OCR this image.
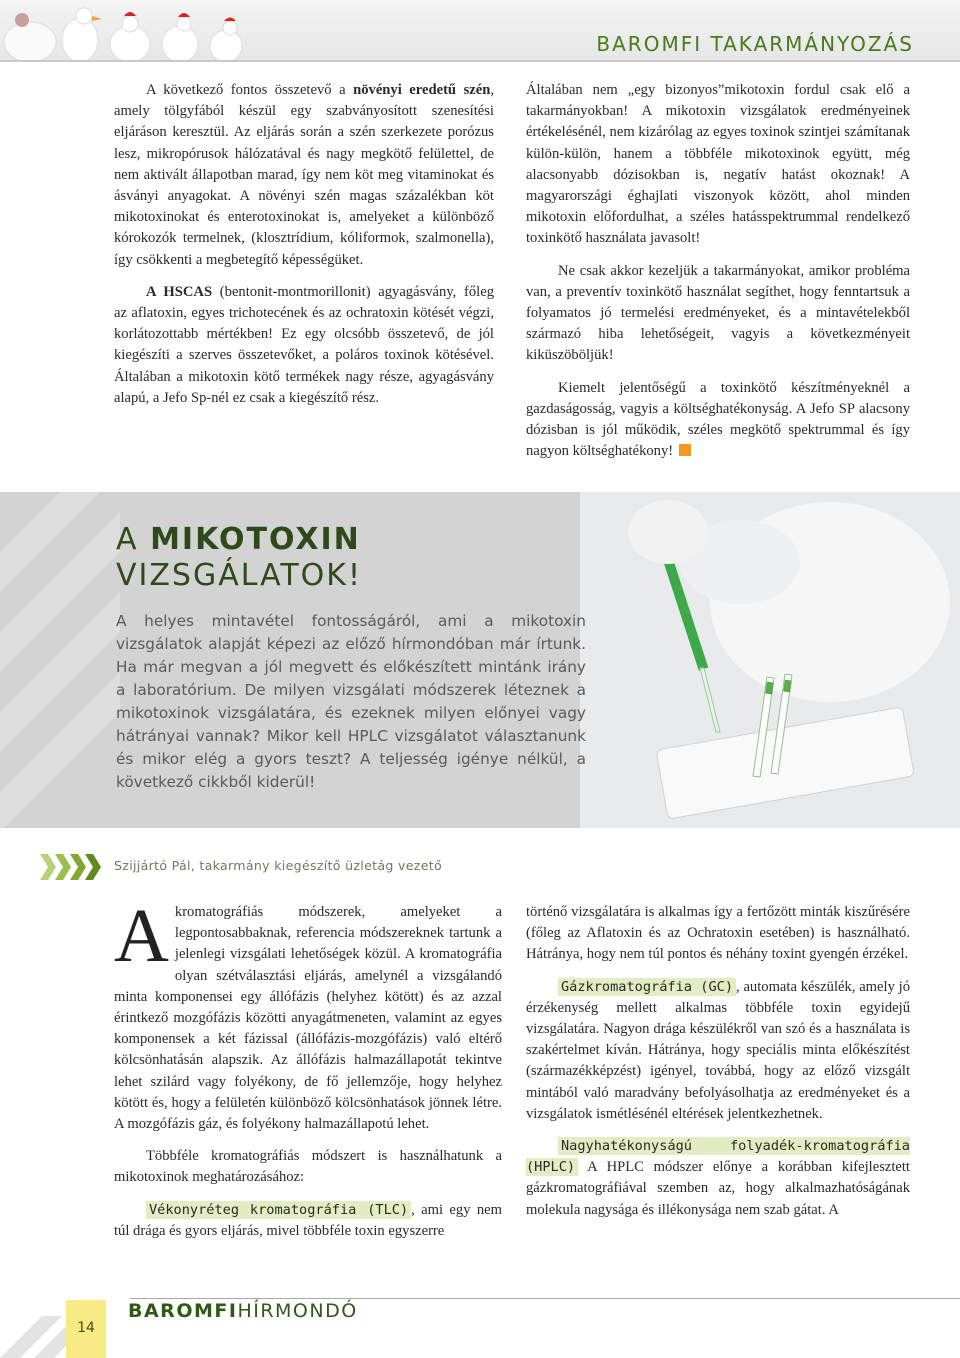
BAROMFI TAKARMÁNYOZÁS

A következő fontos összetevő a növényi eredetű szén, amely tölgyfából készül egy szabványosított szenesítési eljáráson keresztül. Az eljárás során a szén szerkezete porózus lesz, mikropórusok hálózatával és nagy megkötő felülettel, de nem aktivált állapotban marad, így nem köt meg vitaminokat és ásványi anyagokat. A növényi szén magas százalékban köt mikotoxinokat és enterotoxinokat is, amelyeket a különböző kórokozók termelnek, (klosztrídium, kóliformok, szalmonella), így csökkenti a megbetegítő képességüket.

A HSCAS (bentonit-montmorillonit) agyagásvány, főleg az aflatoxin, egyes trichotecének és az ochratoxin kötését végzi, korlátozottabb mértékben! Ez egy olcsóbb összetevő, de jól kiegészíti a szerves összetevőket, a poláros toxinok kötésével. Általában a mikotoxin kötő termékek nagy része, agyagásvány alapú, a Jefo Sp-nél ez csak a kiegészítő rész.

Általában nem „egy bizonyos”mikotoxin fordul csak elő a takarmányokban! A mikotoxin vizsgálatok eredményeinek értékelésénél, nem kizárólag az egyes toxinok szintjei számítanak külön-külön, hanem a többféle mikotoxinok együtt, még alacsonyabb dózisokban is, negatív hatást okoznak! A magyarországi éghajlati viszonyok között, ahol minden mikotoxin előfordulhat, a széles hatásspektrummal rendelkező toxinkötő használata javasolt!

Ne csak akkor kezeljük a takarmányokat, amikor probléma van, a preventív toxinkötő használat segíthet, hogy fenntartsuk a folyamatos jó termelési eredményeket, és a mintavételekből származó hiba lehetőségeit, vagyis a következményeit kiküszöböljük!

Kiemelt jelentőségű a toxinkötő készítményeknél a gazdaságosság, vagyis a költséghatékonyság. A Jefo SP alacsony dózisban is jól működik, széles megkötő spektrummal és így nagyon költséghatékony!

A MIKOTOXIN
VIZSGÁLATOK!
A helyes mintavétel fontosságáról, ami a mikotoxin vizsgálatok alapját képezi az előző hírmondóban már írtunk. Ha már megvan a jól megvett és előkészített mintánk irány a laboratórium. De milyen vizsgálati módszerek léteznek a mikotoxinok vizsgálatára, és ezeknek milyen előnyei vagy hátrányai vannak? Mikor kell HPLC vizsgálatot választanunk és mikor elég a gyors teszt? A teljesség igénye nélkül, a következő cikkből kiderül!
Szijjártó Pál, takarmány kiegészítő üzletág vezető

Akromatográfiás módszerek, amelyeket a legpontosabbaknak, referencia módszereknek tartunk a jelenlegi vizsgálati lehetőségek közül. A kromatográfia olyan szétválasztási eljárás, amelynél a vizsgálandó minta komponensei egy állófázis (helyhez kötött) és az azzal érintkező mozgófázis közötti anyagátmeneten, valamint az egyes komponensek a két fázissal (állófázis-mozgófázis) való eltérő kölcsönhatásán alapszik. Az állófázis halmazállapotát tekintve lehet szilárd vagy folyékony, de fő jellemzője, hogy helyhez kötött és, hogy a felületén különböző kölcsönhatások jönnek létre. A mozgófázis gáz, és folyékony halmazállapotú lehet.

Többféle kromatográfiás módszert is használhatunk a mikotoxinok meghatározásához:

Vékonyréteg kromatográfia (TLC) , ami egy nem túl drága és gyors eljárás, mivel többféle toxin egyszerre

történő vizsgálatára is alkalmas így a fertőzött minták kiszűrésére (főleg az Aflatoxin és az Ochratoxin esetében) is használható. Hátránya, hogy nem túl pontos és néhány toxint gyengén érzékel.

Gázkromatográfia (GC) , automata készülék, amely jó érzékenység mellett alkalmas többféle toxin egyidejű vizsgálatára. Nagyon drága készülékről van szó és a használata is szakértelmet kíván. Hátránya, hogy speciális minta előkészítést (származékképzést) igényel, továbbá, hogy az előző vizsgált mintából való maradvány befolyásolhatja az eredményeket és a vizsgálatok ismétlésénél eltérések jelentkezhetnek.

Nagyhatékonyságú folyadék-kromatográfia (HPLC) A HPLC módszer előnye a korábban kifejlesztett gázkromatográfiával szemben az, hogy alkalmazhatóságának molekula nagysága és illékonysága nem szab gátat. A

14
BAROMFIHÍRMONDÓ
